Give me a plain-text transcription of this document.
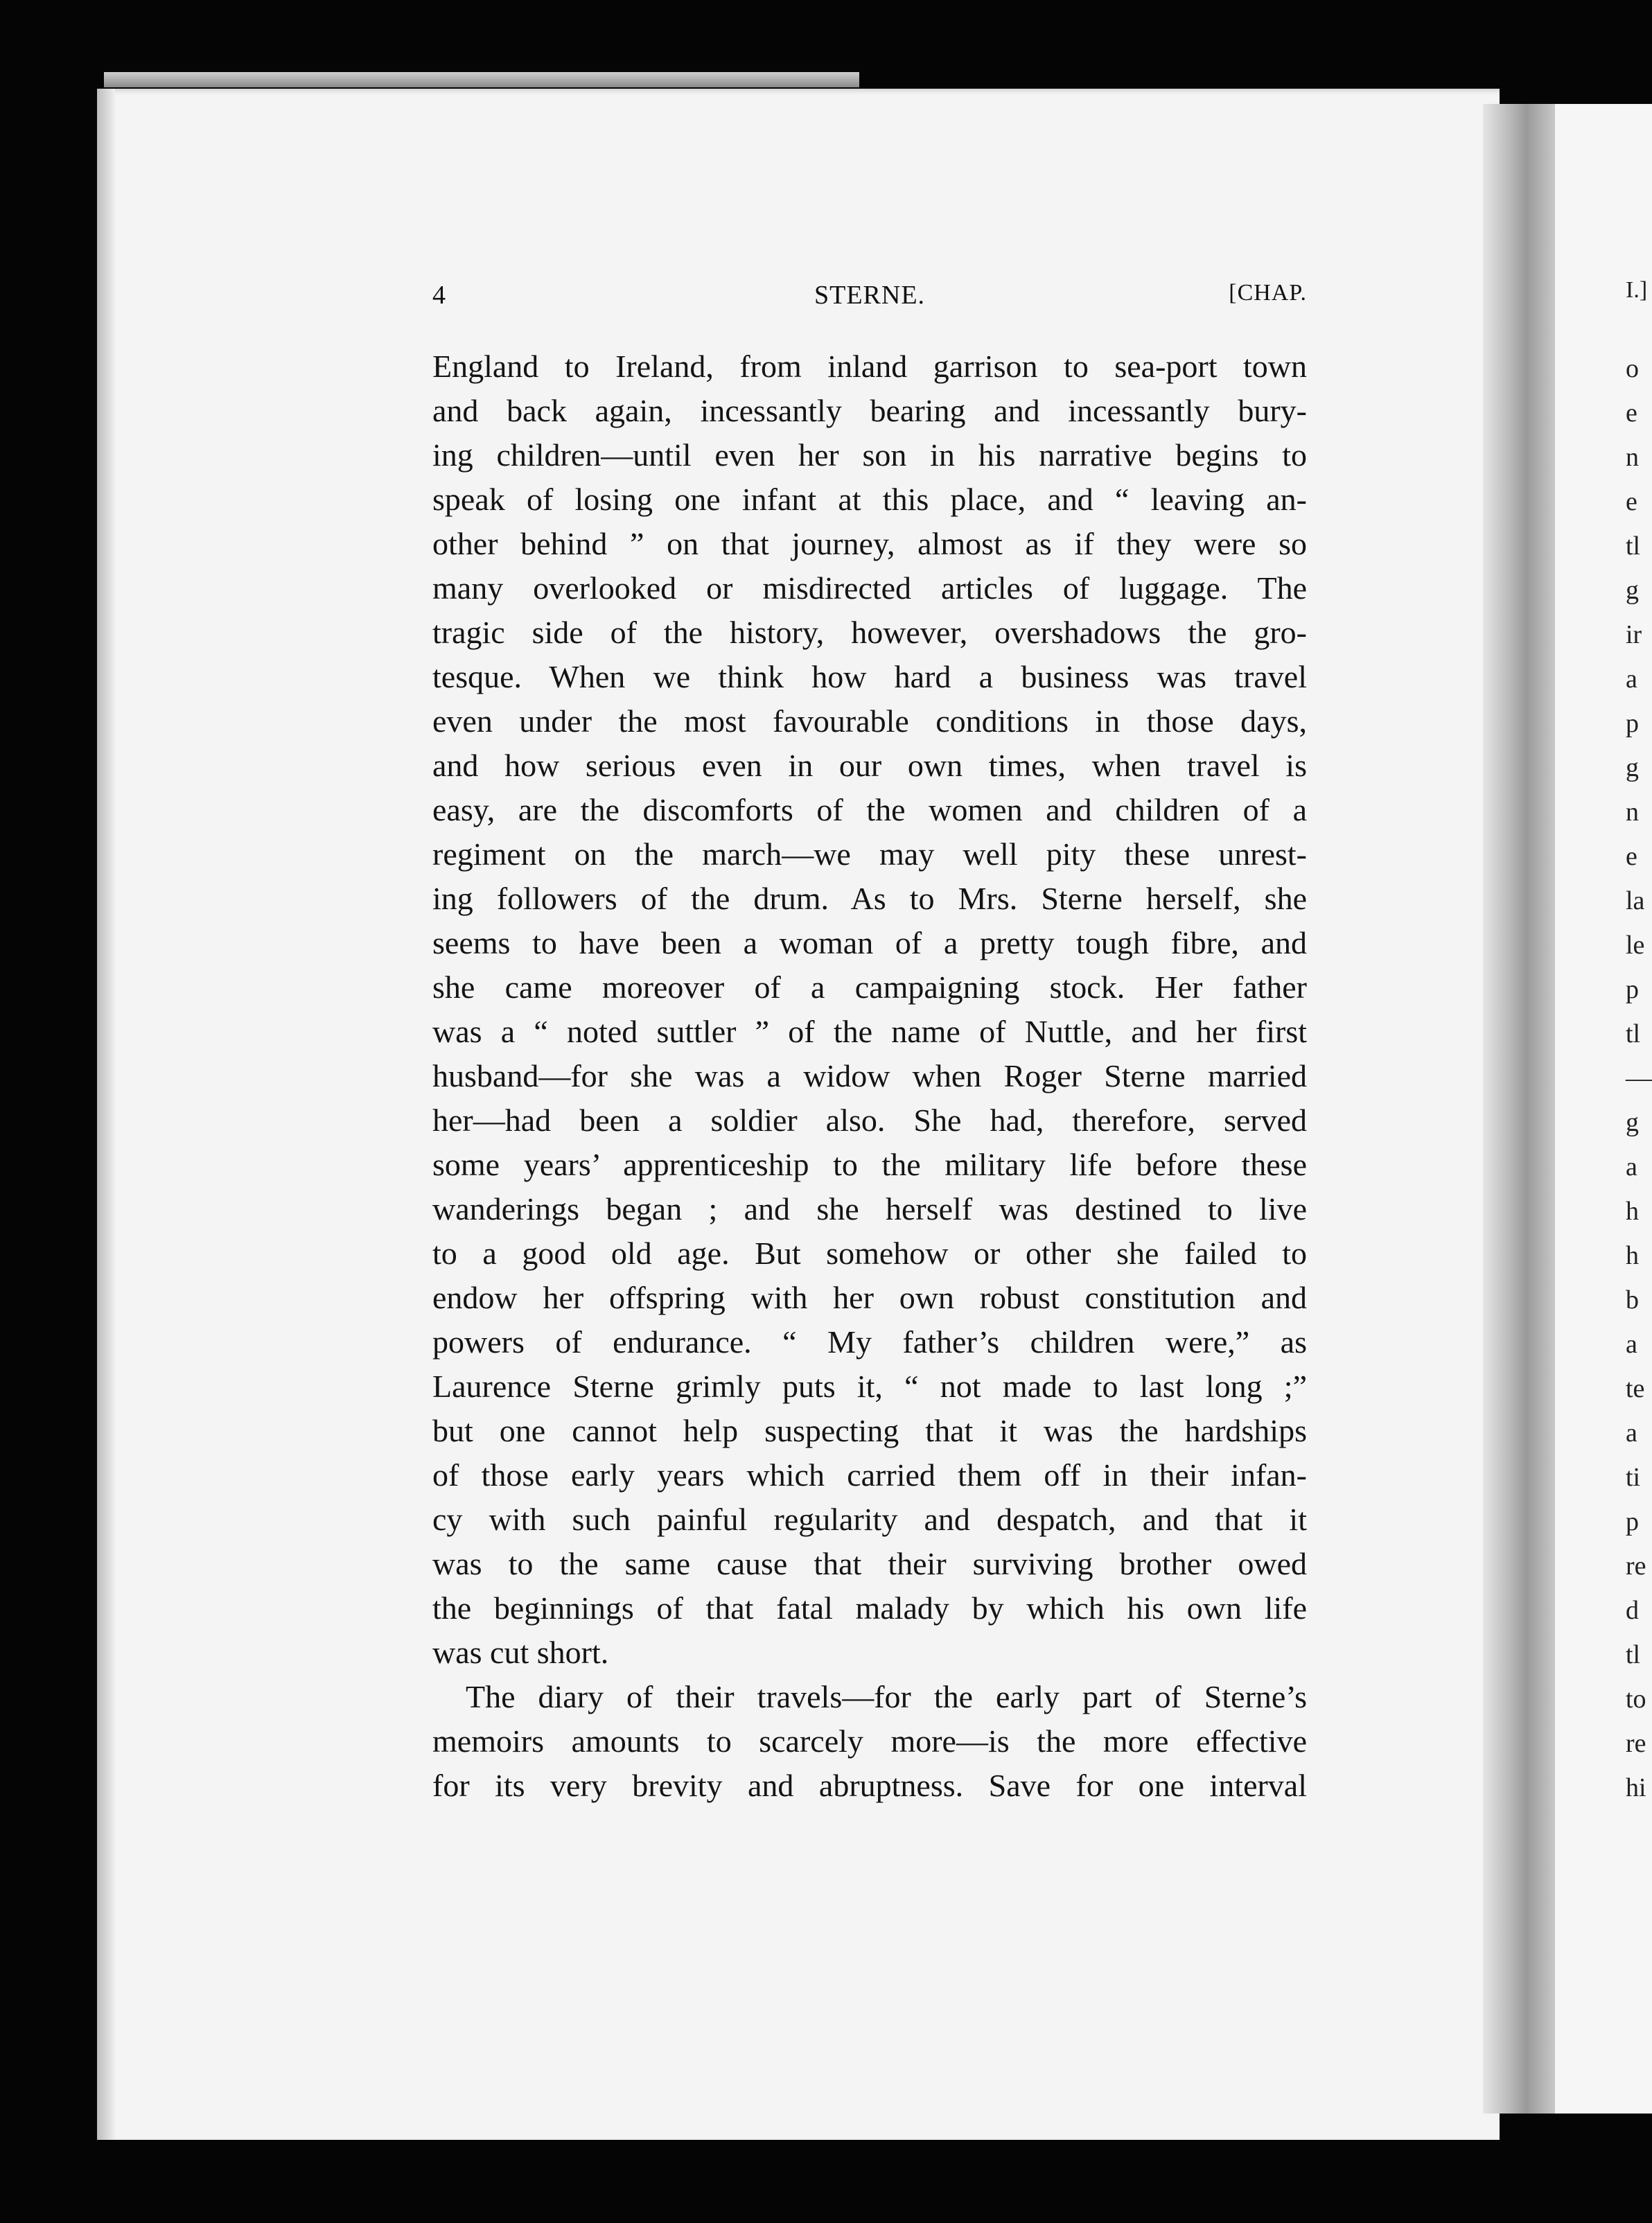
I.]
o
e
n
e
tl
g
ir
a
p
g
n
e
la
le
p
tl
—
g
a
h
h
b
a
te
a
ti
p
re
d
tl
to
re
hi
4	STERNE.	[CHAP.
England to Ireland, from inland garrison to sea-port town
and back again, incessantly bearing and incessantly bury-
ing children—until even her son in his narrative begins to
speak of losing one infant at this place, and “ leaving an-
other behind ” on that journey, almost as if they were so
many overlooked or misdirected articles of luggage. The
tragic side of the history, however, overshadows the gro-
tesque. When we think how hard a business was travel
even under the most favourable conditions in those days,
and how serious even in our own times, when travel is
easy, are the discomforts of the women and children of a
regiment on the march—we may well pity these unrest-
ing followers of the drum. As to Mrs. Sterne herself, she
seems to have been a woman of a pretty tough fibre, and
she came moreover of a campaigning stock. Her father
was a “ noted suttler ” of the name of Nuttle, and her first
husband—for she was a widow when Roger Sterne married
her—had been a soldier also. She had, therefore, served
some years’ apprenticeship to the military life before these
wanderings began ; and she herself was destined to live
to a good old age. But somehow or other she failed to
endow her offspring with her own robust constitution and
powers of endurance. “ My father’s children were,” as
Laurence Sterne grimly puts it, “ not made to last long ;”
but one cannot help suspecting that it was the hardships
of those early years which carried them off in their infan-
cy with such painful regularity and despatch, and that it
was to the same cause that their surviving brother owed
the beginnings of that fatal malady by which his own life
was cut short.
The diary of their travels—for the early part of Sterne’s
memoirs amounts to scarcely more—is the more effective
for its very brevity and abruptness. Save for one interval
